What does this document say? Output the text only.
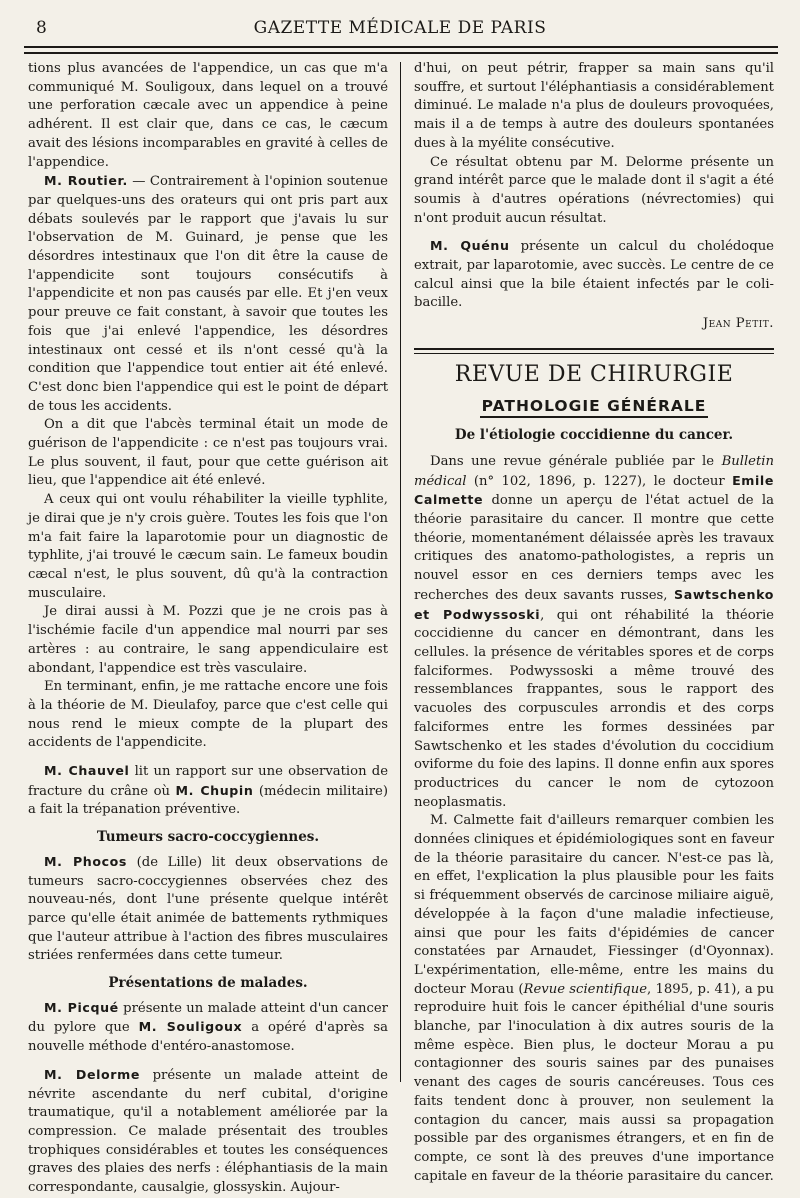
8	GAZETTE MÉDICALE DE PARIS

tions plus avancées de l'appendice, un cas que m'a communiqué M. Souligoux, dans lequel on a trouvé une perforation cæcale avec un appendice à peine adhérent. Il est clair que, dans ce cas, le cæcum avait des lésions incomparables en gravité à celles de l'appendice.

M. Routier. — Contrairement à l'opinion soutenue par quelques-uns des orateurs qui ont pris part aux débats soulevés par le rapport que j'avais lu sur l'observation de M. Guinard, je pense que les désordres intestinaux que l'on dit être la cause de l'appendicite sont toujours consécutifs à l'appendicite et non pas causés par elle. Et j'en veux pour preuve ce fait constant, à savoir que toutes les fois que j'ai enlevé l'appendice, les désordres intestinaux ont cessé et ils n'ont cessé qu'à la condition que l'appendice tout entier ait été enlevé. C'est donc bien l'appendice qui est le point de départ de tous les accidents.

On a dit que l'abcès terminal était un mode de guérison de l'appendicite : ce n'est pas toujours vrai. Le plus souvent, il faut, pour que cette guérison ait lieu, que l'appendice ait été enlevé.

A ceux qui ont voulu réhabiliter la vieille typhlite, je dirai que je n'y crois guère. Toutes les fois que l'on m'a fait faire la laparotomie pour un diagnostic de typhlite, j'ai trouvé le cæcum sain. Le fameux boudin cæcal n'est, le plus souvent, dû qu'à la contraction musculaire.

Je dirai aussi à M. Pozzi que je ne crois pas à l'ischémie facile d'un appendice mal nourri par ses artères : au contraire, le sang appendiculaire est abondant, l'appendice est très vasculaire.

En terminant, enfin, je me rattache encore une fois à la théorie de M. Dieulafoy, parce que c'est celle qui nous rend le mieux compte de la plupart des accidents de l'appendicite.

M. Chauvel lit un rapport sur une observation de fracture du crâne où M. Chupin (médecin militaire) a fait la trépanation préventive.

Tumeurs sacro-coccygiennes.

M. Phocos (de Lille) lit deux observations de tumeurs sacro-coccygiennes observées chez des nouveau-nés, dont l'une présente quelque intérêt parce qu'elle était animée de battements rythmiques que l'auteur attribue à l'action des fibres musculaires striées renfermées dans cette tumeur.

Présentations de malades.

M. Picqué présente un malade atteint d'un cancer du pylore que M. Souligoux a opéré d'après sa nouvelle méthode d'entéro-anastomose.

M. Delorme présente un malade atteint de névrite ascendante du nerf cubital, d'origine traumatique, qu'il a notablement améliorée par la compression. Ce malade présentait des troubles trophiques considérables et toutes les conséquences graves des plaies des nerfs : éléphantiasis de la main correspondante, causalgie, glossyskin. Aujour-

d'hui, on peut pétrir, frapper sa main sans qu'il souffre, et surtout l'éléphantiasis a considérablement diminué. Le malade n'a plus de douleurs provoquées, mais il a de temps à autre des douleurs spontanées dues à la myélite consécutive.

Ce résultat obtenu par M. Delorme présente un grand intérêt parce que le malade dont il s'agit a été soumis à d'autres opérations (névrectomies) qui n'ont produit aucun résultat.

M. Quénu présente un calcul du cholédoque extrait, par laparotomie, avec succès. Le centre de ce calcul ainsi que la bile étaient infectés par le coli-bacille.

Jean Petit.
REVUE DE CHIRURGIE
PATHOLOGIE GÉNÉRALE
De l'étiologie coccidienne du cancer.

Dans une revue générale publiée par le Bulletin médical (n° 102, 1896, p. 1227), le docteur Emile Calmette donne un aperçu de l'état actuel de la théorie parasitaire du cancer. Il montre que cette théorie, momentanément délaissée après les travaux critiques des anatomo-pathologistes, a repris un nouvel essor en ces derniers temps avec les recherches des deux savants russes, Sawtschenko et Podwyssoski, qui ont réhabilité la théorie coccidienne du cancer en démontrant, dans les cellules. la présence de véritables spores et de corps falciformes. Podwyssoski a même trouvé des ressemblances frappantes, sous le rapport des vacuoles des corpuscules arrondis et des corps falciformes entre les formes dessinées par Sawtschenko et les stades d'évolution du coccidium oviforme du foie des lapins. Il donne enfin aux spores productrices du cancer le nom de cytozoon neoplasmatis.

M. Calmette fait d'ailleurs remarquer combien les données cliniques et épidémiologiques sont en faveur de la théorie parasitaire du cancer. N'est-ce pas là, en effet, l'explication la plus plausible pour les faits si fréquemment observés de carcinose miliaire aiguë, développée à la façon d'une maladie infectieuse, ainsi que pour les faits d'épidémies de cancer constatées par Arnaudet, Fiessinger (d'Oyonnax). L'expérimentation, elle-même, entre les mains du docteur Morau (Revue scientifique, 1895, p. 41), a pu reproduire huit fois le cancer épithélial d'une souris blanche, par l'inoculation à dix autres souris de la même espèce. Bien plus, le docteur Morau a pu contagionner des souris saines par des punaises venant des cages de souris cancéreuses. Tous ces faits tendent donc à prouver, non seulement la contagion du cancer, mais aussi sa propagation possible par des organismes étrangers, et en fin de compte, ce sont là des preuves d'une importance capitale en faveur de la théorie parasitaire du cancer.
